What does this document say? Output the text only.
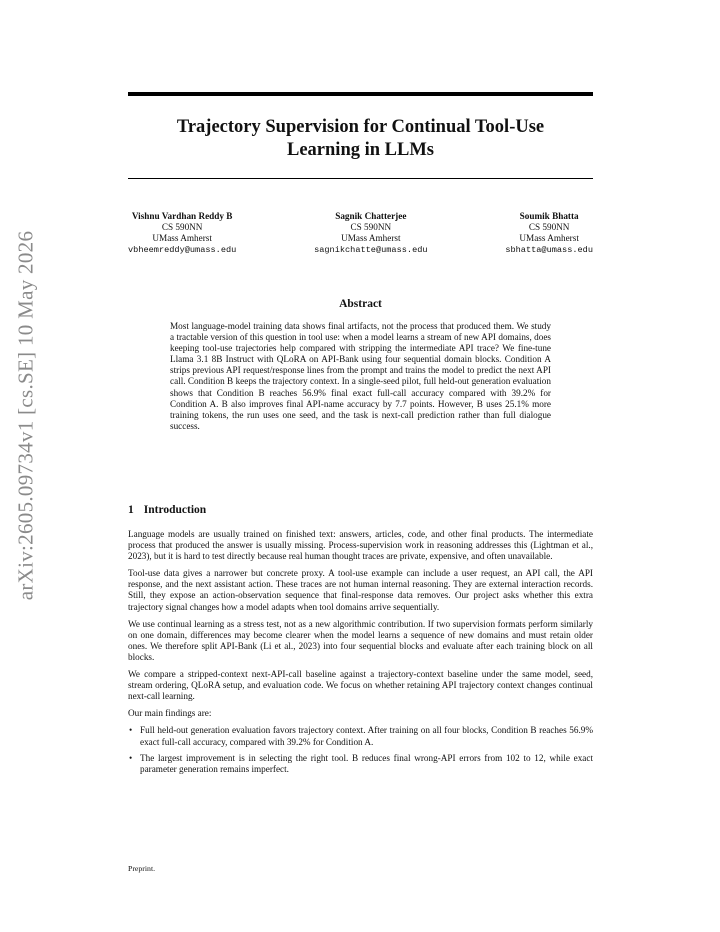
arXiv:2605.09734v1 [cs.SE] 10 May 2026
Trajectory Supervision for Continual Tool-Use
Learning in LLMs
Vishnu Vardhan Reddy B
CS 590NN
UMass Amherst
vbheemreddy@umass.edu
Sagnik Chatterjee
CS 590NN
UMass Amherst
sagnikchatte@umass.edu
Soumik Bhatta
CS 590NN
UMass Amherst
sbhatta@umass.edu
Abstract

Most language-model training data shows final artifacts, not the process that produced them. We study a tractable version of this question in tool use: when a model learns a stream of new API domains, does keeping tool-use trajectories help compared with stripping the intermediate API trace? We fine-tune Llama 3.1 8B Instruct with QLoRA on API-Bank using four sequential domain blocks. Condition A strips previous API request/response lines from the prompt and trains the model to predict the next API call. Condition B keeps the trajectory context. In a single-seed pilot, full held-out generation evaluation shows that Condition B reaches 56.9% final exact full-call accuracy compared with 39.2% for Condition A. B also improves final API-name accuracy by 7.7 points. However, B uses 25.1% more training tokens, the run uses one seed, and the task is next-call prediction rather than full dialogue success.

1 Introduction

Language models are usually trained on finished text: answers, articles, code, and other final products. The intermediate process that produced the answer is usually missing. Process-supervision work in reasoning addresses this (Lightman et al., 2023), but it is hard to test directly because real human thought traces are private, expensive, and often unavailable.

Tool-use data gives a narrower but concrete proxy. A tool-use example can include a user request, an API call, the API response, and the next assistant action. These traces are not human internal reasoning. They are external interaction records. Still, they expose an action-observation sequence that final-response data removes. Our project asks whether this extra trajectory signal changes how a model adapts when tool domains arrive sequentially.

We use continual learning as a stress test, not as a new algorithmic contribution. If two supervision formats perform similarly on one domain, differences may become clearer when the model learns a sequence of new domains and must retain older ones. We therefore split API-Bank (Li et al., 2023) into four sequential blocks and evaluate after each training block on all blocks.

We compare a stripped-context next-API-call baseline against a trajectory-context baseline under the same model, seed, stream ordering, QLoRA setup, and evaluation code. We focus on whether retaining API trajectory context changes continual next-call learning.

Our main findings are:

• Full held-out generation evaluation favors trajectory context. After training on all four blocks, Condition B reaches 56.9% exact full-call accuracy, compared with 39.2% for Condition A.
• The largest improvement is in selecting the right tool. B reduces final wrong-API errors from 102 to 12, while exact parameter generation remains imperfect.

Preprint.
